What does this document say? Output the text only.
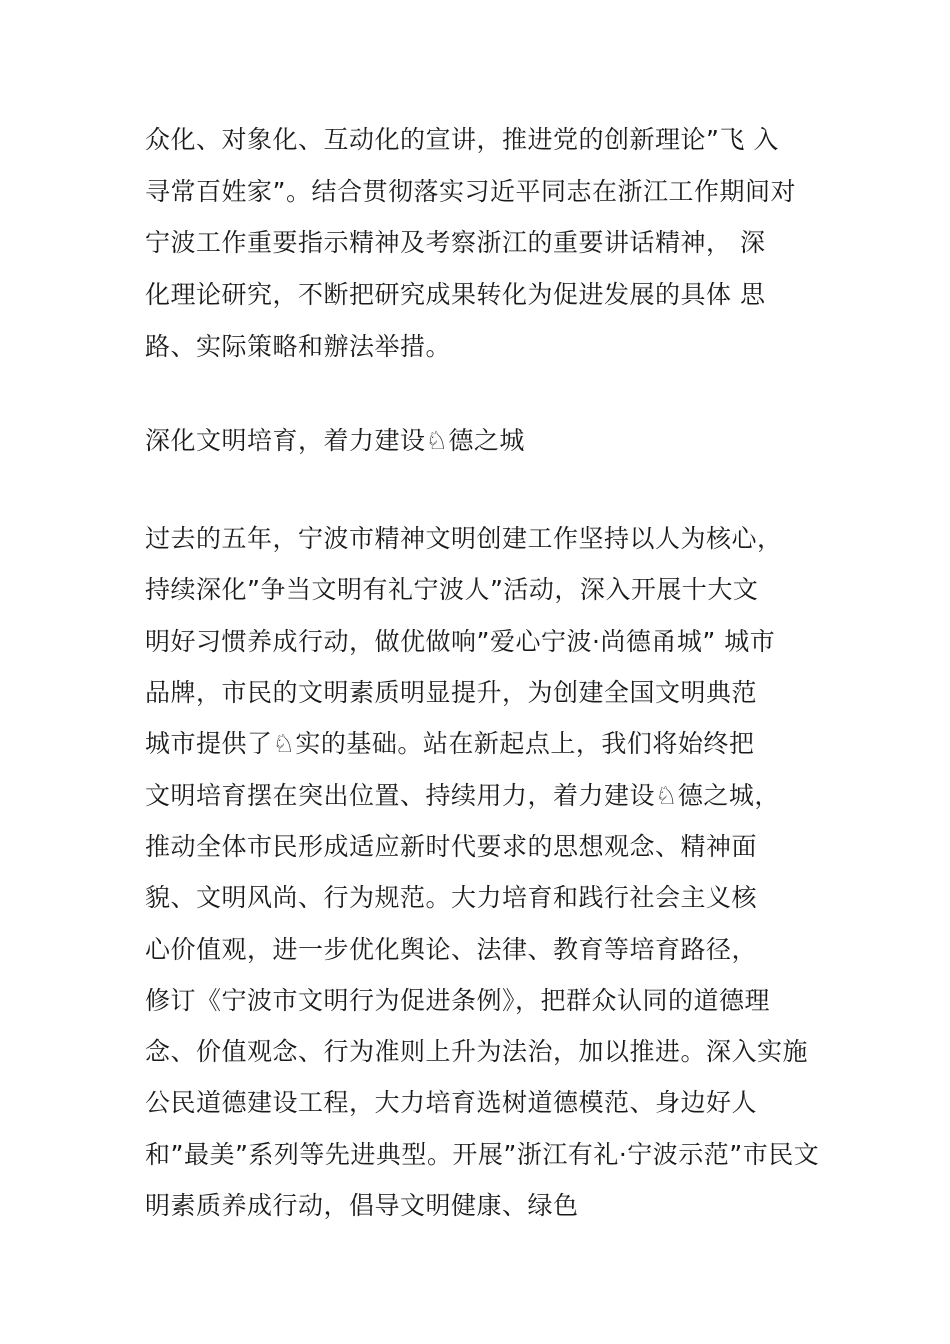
众化、对象化、互动化的宣讲，推进党的创新理论”飞 入
寻常百姓家”。结合贯彻落实习近平同志在浙江工作期间对
宁波工作重要指示精神及考察浙江的重要讲话精神， 深
化理论研究，不断把研究成果转化为促进发展的具体 思
路、实际策略和辦法举措。
深化文明培育，着力建设♘德之城
过去的五年，宁波市精神文明创建工作坚持以人为核心，
持续深化”争当文明有礼宁波人”活动，深入开展十大文
明好习惯养成行动，做优做响”爱心宁波·尚德甬城” 城市
品牌，市民的文明素质明显提升，为创建全国文明典范
城市提供了♘实的基础。站在新起点上，我们将始终把
文明培育摆在突出位置、持续用力，着力建设♘德之城，
推动全体市民形成适应新时代要求的思想观念、精神面
貌、文明风尚、行为规范。大力培育和践行社会主义核
心价值观，进一步优化舆论、法律、教育等培育路径，
修订《宁波市文明行为促进条例》，把群众认同的道德理
念、价值观念、行为准则上升为法治，加以推进。深入实施
公民道德建设工程，大力培育选树道德模范、身边好人
和”最美”系列等先进典型。开展”浙江有礼·宁波示范”市民文
明素质养成行动，倡导文明健康、绿色
